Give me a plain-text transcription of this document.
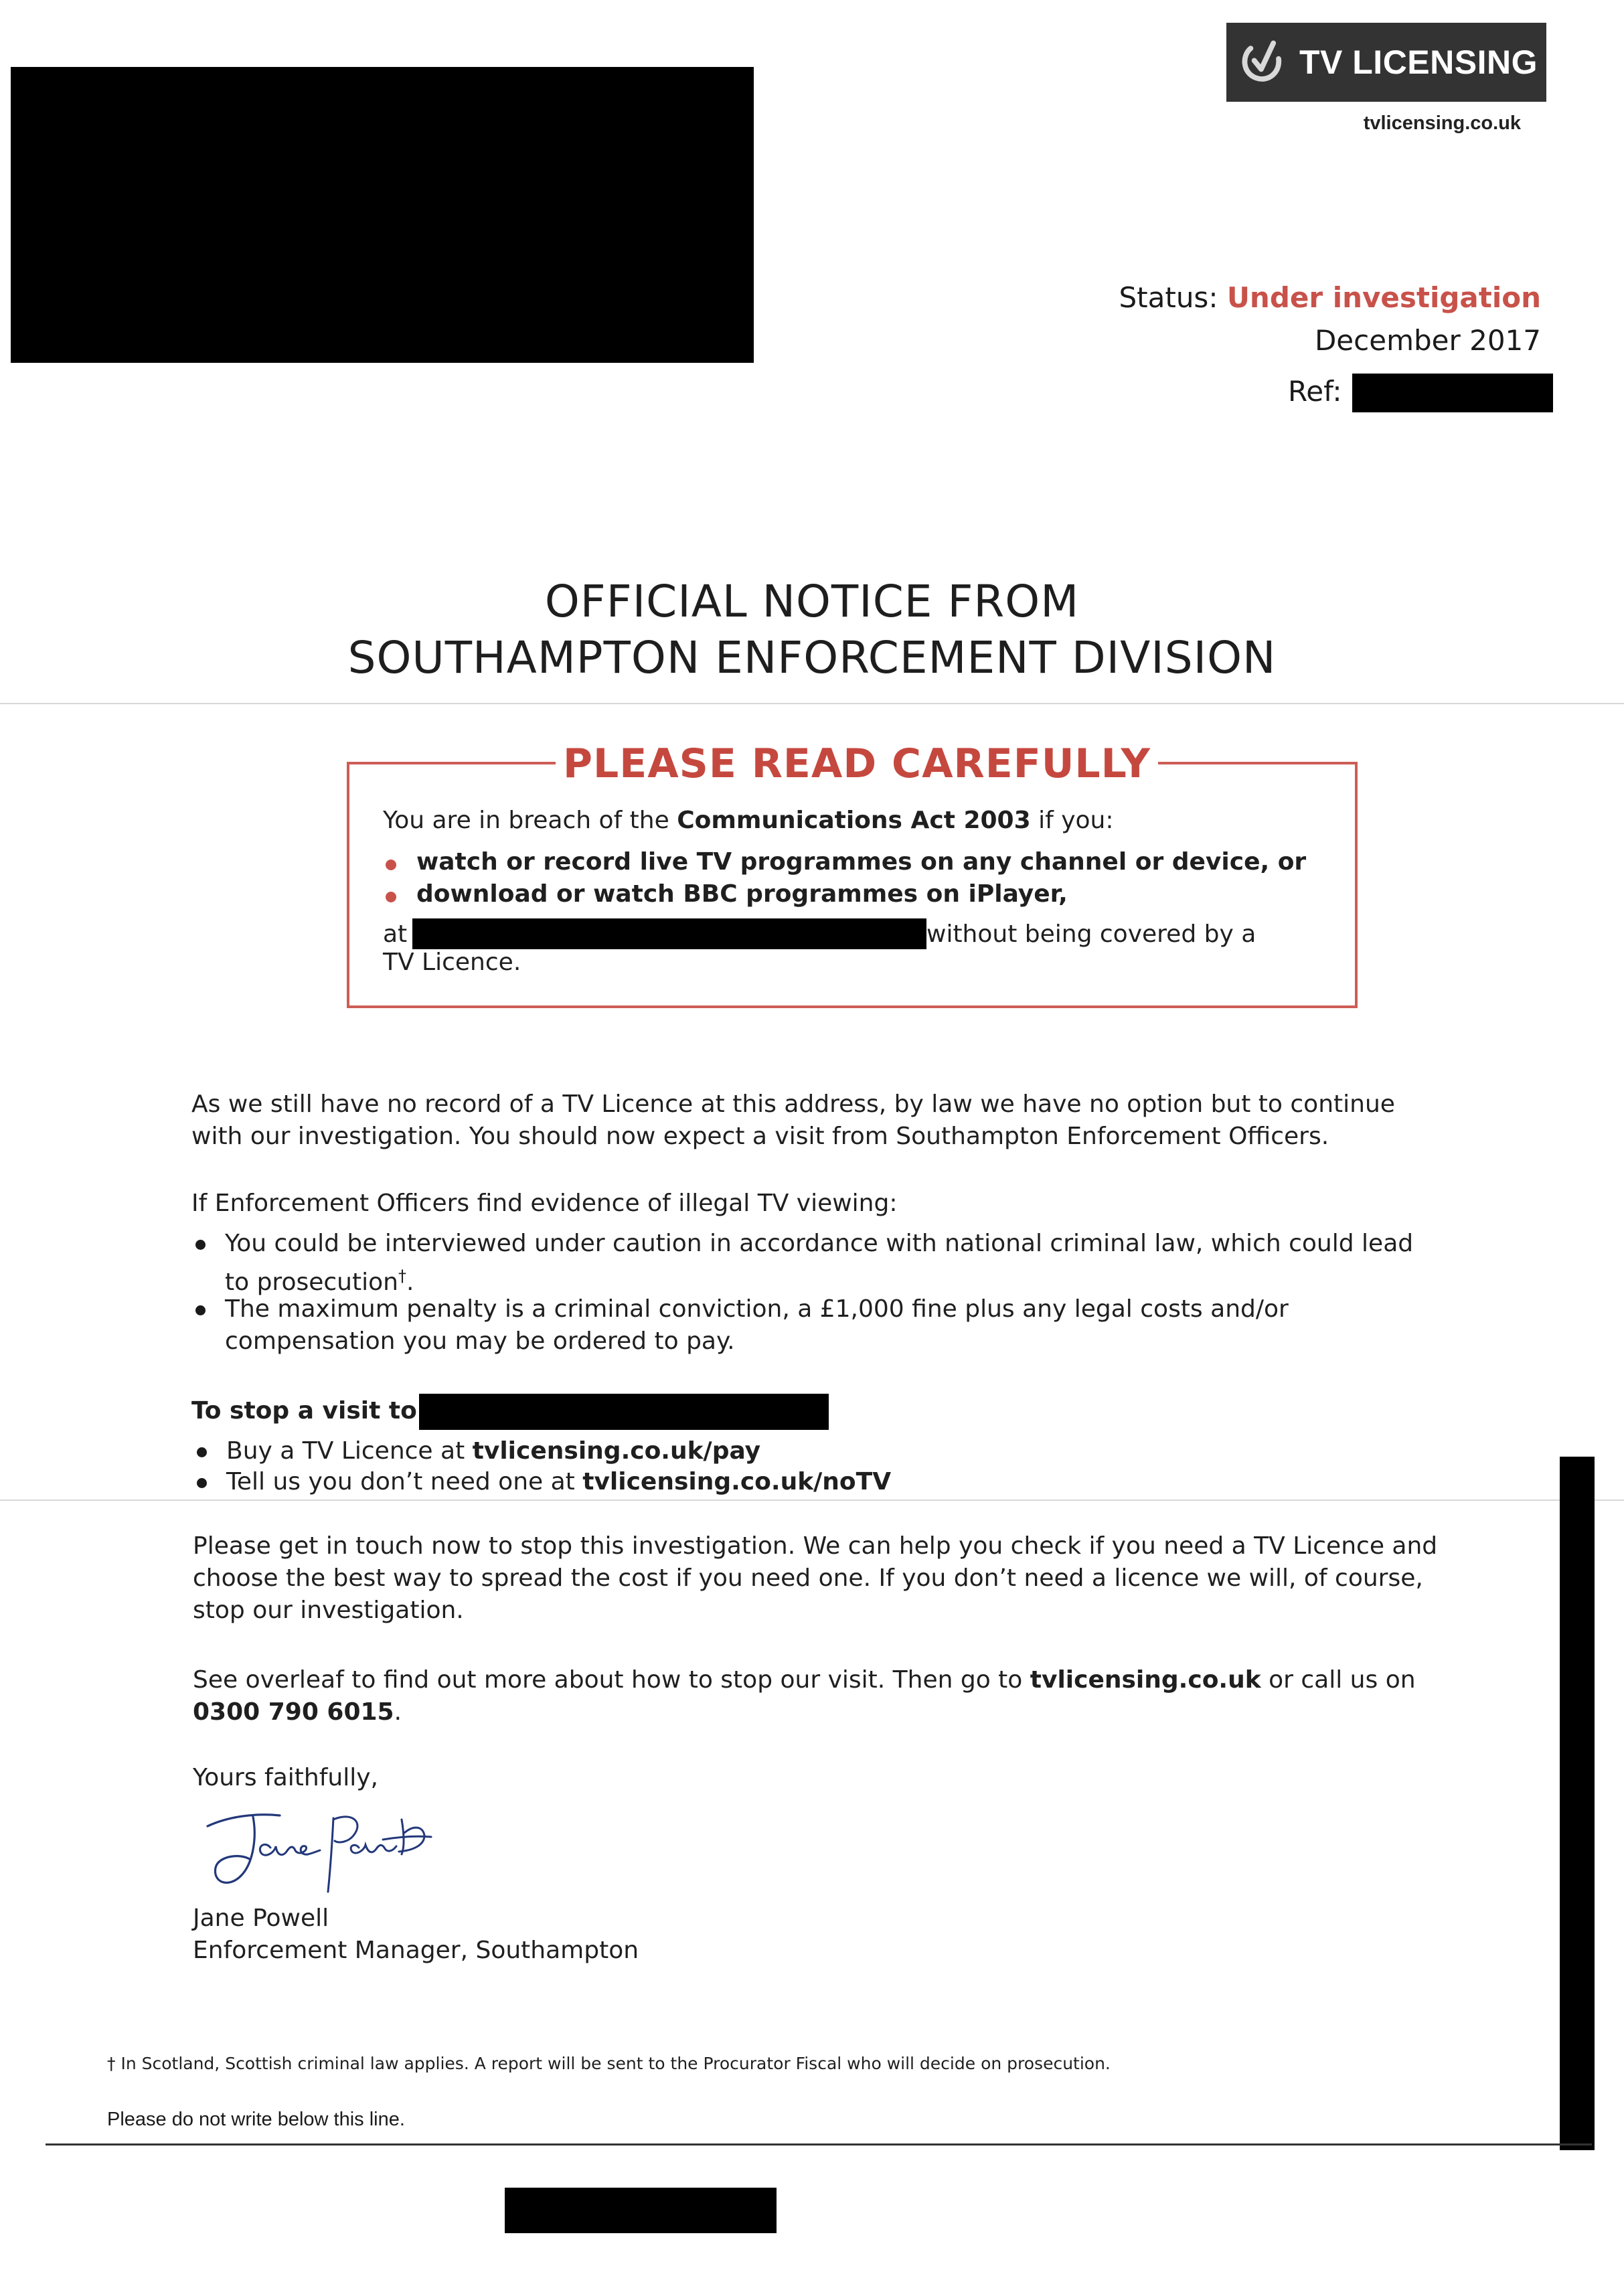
TV LICENSING
tvlicensing.co.uk
Status: Under investigation
December 2017
Ref:
OFFICIAL NOTICE FROM
SOUTHAMPTON ENFORCEMENT DIVISION
PLEASE READ CAREFULLY
You are in breach of the Communications Act 2003 if you:
watch or record live TV programmes on any channel or device, or
download or watch BBC programmes on iPlayer,
at	without being covered by a
TV Licence.
As we still have no record of a TV Licence at this address, by law we have no option but to continue
with our investigation. You should now expect a visit from Southampton Enforcement Officers.
If Enforcement Officers find evidence of illegal TV viewing:
You could be interviewed under caution in accordance with national criminal law, which could lead
to prosecution†.
The maximum penalty is a criminal conviction, a £1,000 fine plus any legal costs and/or
compensation you may be ordered to pay.
To stop a visit to
Buy a TV Licence at tvlicensing.co.uk/pay
Tell us you don’t need one at tvlicensing.co.uk/noTV
Please get in touch now to stop this investigation. We can help you check if you need a TV Licence and
choose the best way to spread the cost if you need one. If you don’t need a licence we will, of course,
stop our investigation.
See overleaf to find out more about how to stop our visit. Then go to tvlicensing.co.uk or call us on
0300 790 6015.
Yours faithfully,
Jane Powell
Enforcement Manager, Southampton
† In Scotland, Scottish criminal law applies. A report will be sent to the Procurator Fiscal who will decide on prosecution.
Please do not write below this line.
